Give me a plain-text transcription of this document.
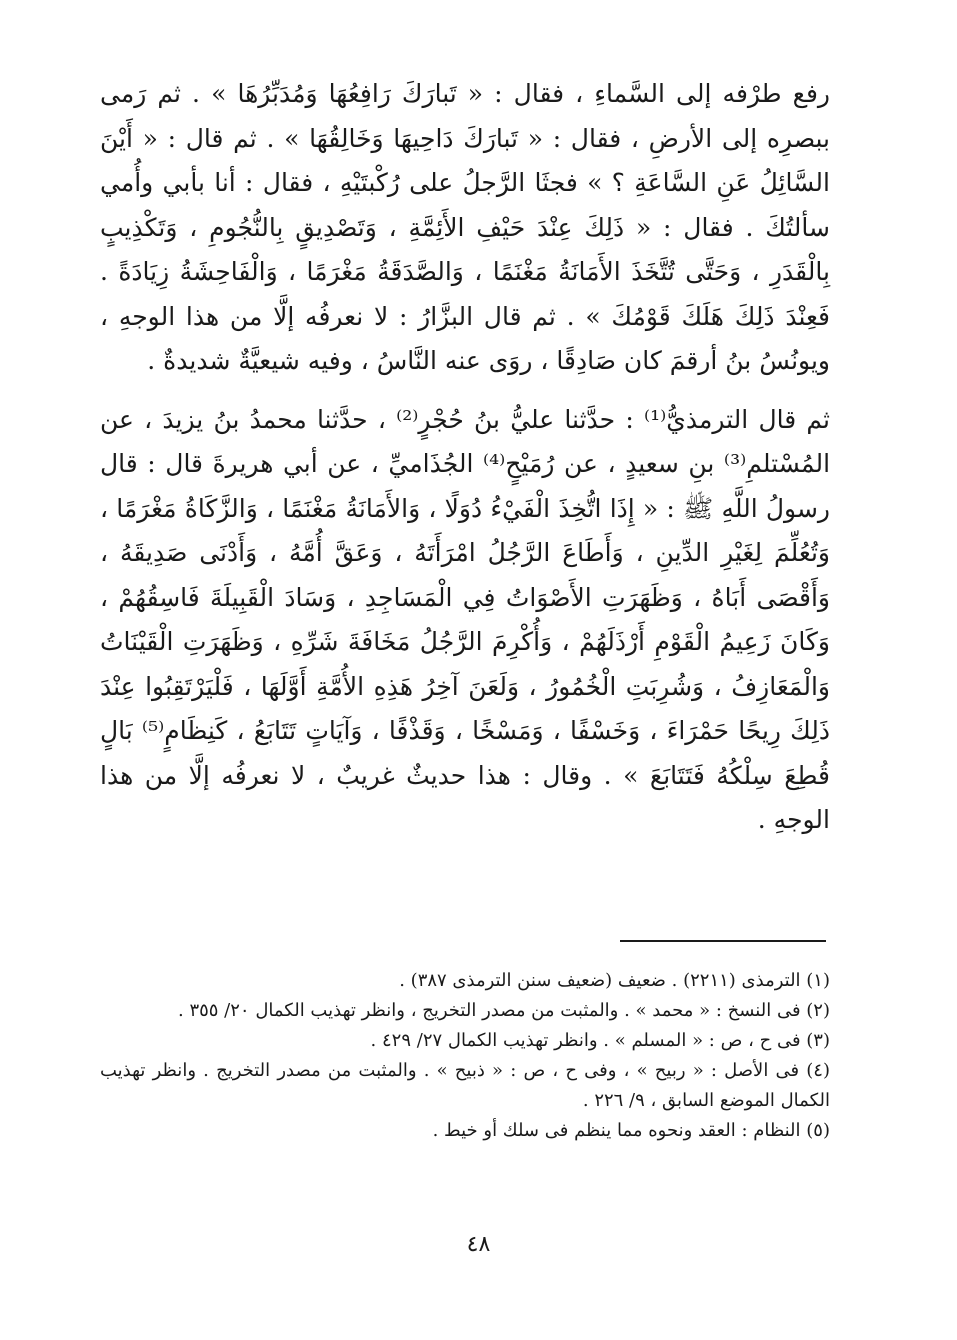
رفع طرْفه إلى السَّماءِ ، فقال : « تَبارَكَ رَافِعُهَا وَمُدَبِّرُهَا » . ثم رَمى ببصرِه إلى الأرضِ ، فقال : « تَبارَكَ دَاحِيهَا وَخَالِقُهَا » . ثم قال : « أَيْنَ السَّائِلُ عَنِ السَّاعَةِ ؟ » فجثَا الرَّجلُ على رُكْبتَيْهِ ، فقال : أنا بأبي وأُمي سألتُكَ . فقال : « ذَلِكَ عِنْدَ حَيْفِ الأَئِمَّةِ ، وَتَصْدِيقٍ بِالنُّجُومِ ، وَتَكْذِيبٍ بِالْقَدَرِ ، وَحَتَّى تُتَّخَذَ الأَمَانَةُ مَغْنَمًا ، وَالصَّدَقَةُ مَغْرَمًا ، وَالْفَاحِشَةُ زِيَادَةً . فَعِنْدَ ذَلِكَ هَلَكَ قَوْمُكَ » . ثم قال البزَّارُ : لا نعرفُه إلَّا من هذا الوجهِ ، ويونُسُ بنُ أرقمَ كان صَادِقًا ، روَى عنه النَّاسُ ، وفيه شيعيَّةٌ شديدةٌ .

ثم قال الترمذيُّ⁽¹⁾ : حدَّثنا عليُّ بنُ حُجْرٍ⁽²⁾ ، حدَّثنا محمدُ بنُ يزيدَ ، عن المُسْتلمِ⁽³⁾ بنِ سعيدٍ ، عن رُمَيْحٍ⁽⁴⁾ الجُذَاميِّ ، عن أبي هريرةَ قال : قال رسولُ اللَّهِ ﷺ : « إِذَا اتُّخِذَ الْفَيْءُ دُوَلًا ، وَالأَمَانَةُ مَغْنَمًا ، وَالزَّكَاةُ مَغْرَمًا ، وَتُعُلِّمَ لِغَيْرِ الدِّينِ ، وَأَطَاعَ الرَّجُلُ امْرَأَتَهُ ، وَعَقَّ أُمَّهُ ، وَأَدْنَى صَدِيقَهُ ، وَأَقْصَى أَبَاهُ ، وَظَهَرَتِ الأَصْوَاتُ فِي الْمَسَاجِدِ ، وَسَادَ الْقَبِيلَةَ فَاسِقُهُمْ ، وَكَانَ زَعِيمُ الْقَوْمِ أَرْذَلَهُمْ ، وَأُكْرِمَ الرَّجُلُ مَخَافَةَ شَرِّهِ ، وَظَهَرَتِ الْقَيْنَاتُ وَالْمَعَازِفُ ، وَشُرِبَتِ الْخُمُورُ ، وَلَعَنَ آخِرُ هَذِهِ الأُمَّةِ أَوَّلَهَا ، فَلْيَرْتَقِبُوا عِنْدَ ذَلِكَ رِيحًا حَمْرَاءَ ، وَخَسْفًا ، وَمَسْخًا ، وَقَذْفًا ، وَآيَاتٍ تَتَابَعُ ، كَنِظَامٍ⁽⁵⁾ بَالٍ قُطِعَ سِلْكُهُ فَتَتَابَعَ » . وقال : هذا حديثٌ غريبٌ ، لا نعرفُه إلَّا من هذا الوجهِ .

(١) الترمذى (٢٢١١) . ضعيف (ضعيف سنن الترمذى ٣٨٧) .

(٢) فى النسخ : « محمد » . والمثبت من مصدر التخريج ، وانظر تهذيب الكمال ٢٠/ ٣٥٥ .

(٣) فى ح ، ص : « المسلم » . وانظر تهذيب الكمال ٢٧/ ٤٢٩ .

(٤) فى الأصل : « ربيح » ، وفى ح ، ص : « ذبيح » . والمثبت من مصدر التخريج . وانظر تهذيب الكمال الموضع السابق ، ٩/ ٢٢٦ .

(٥) النظام : العقد ونحوه مما ينظم فى سلك أو خيط .

٤٨
